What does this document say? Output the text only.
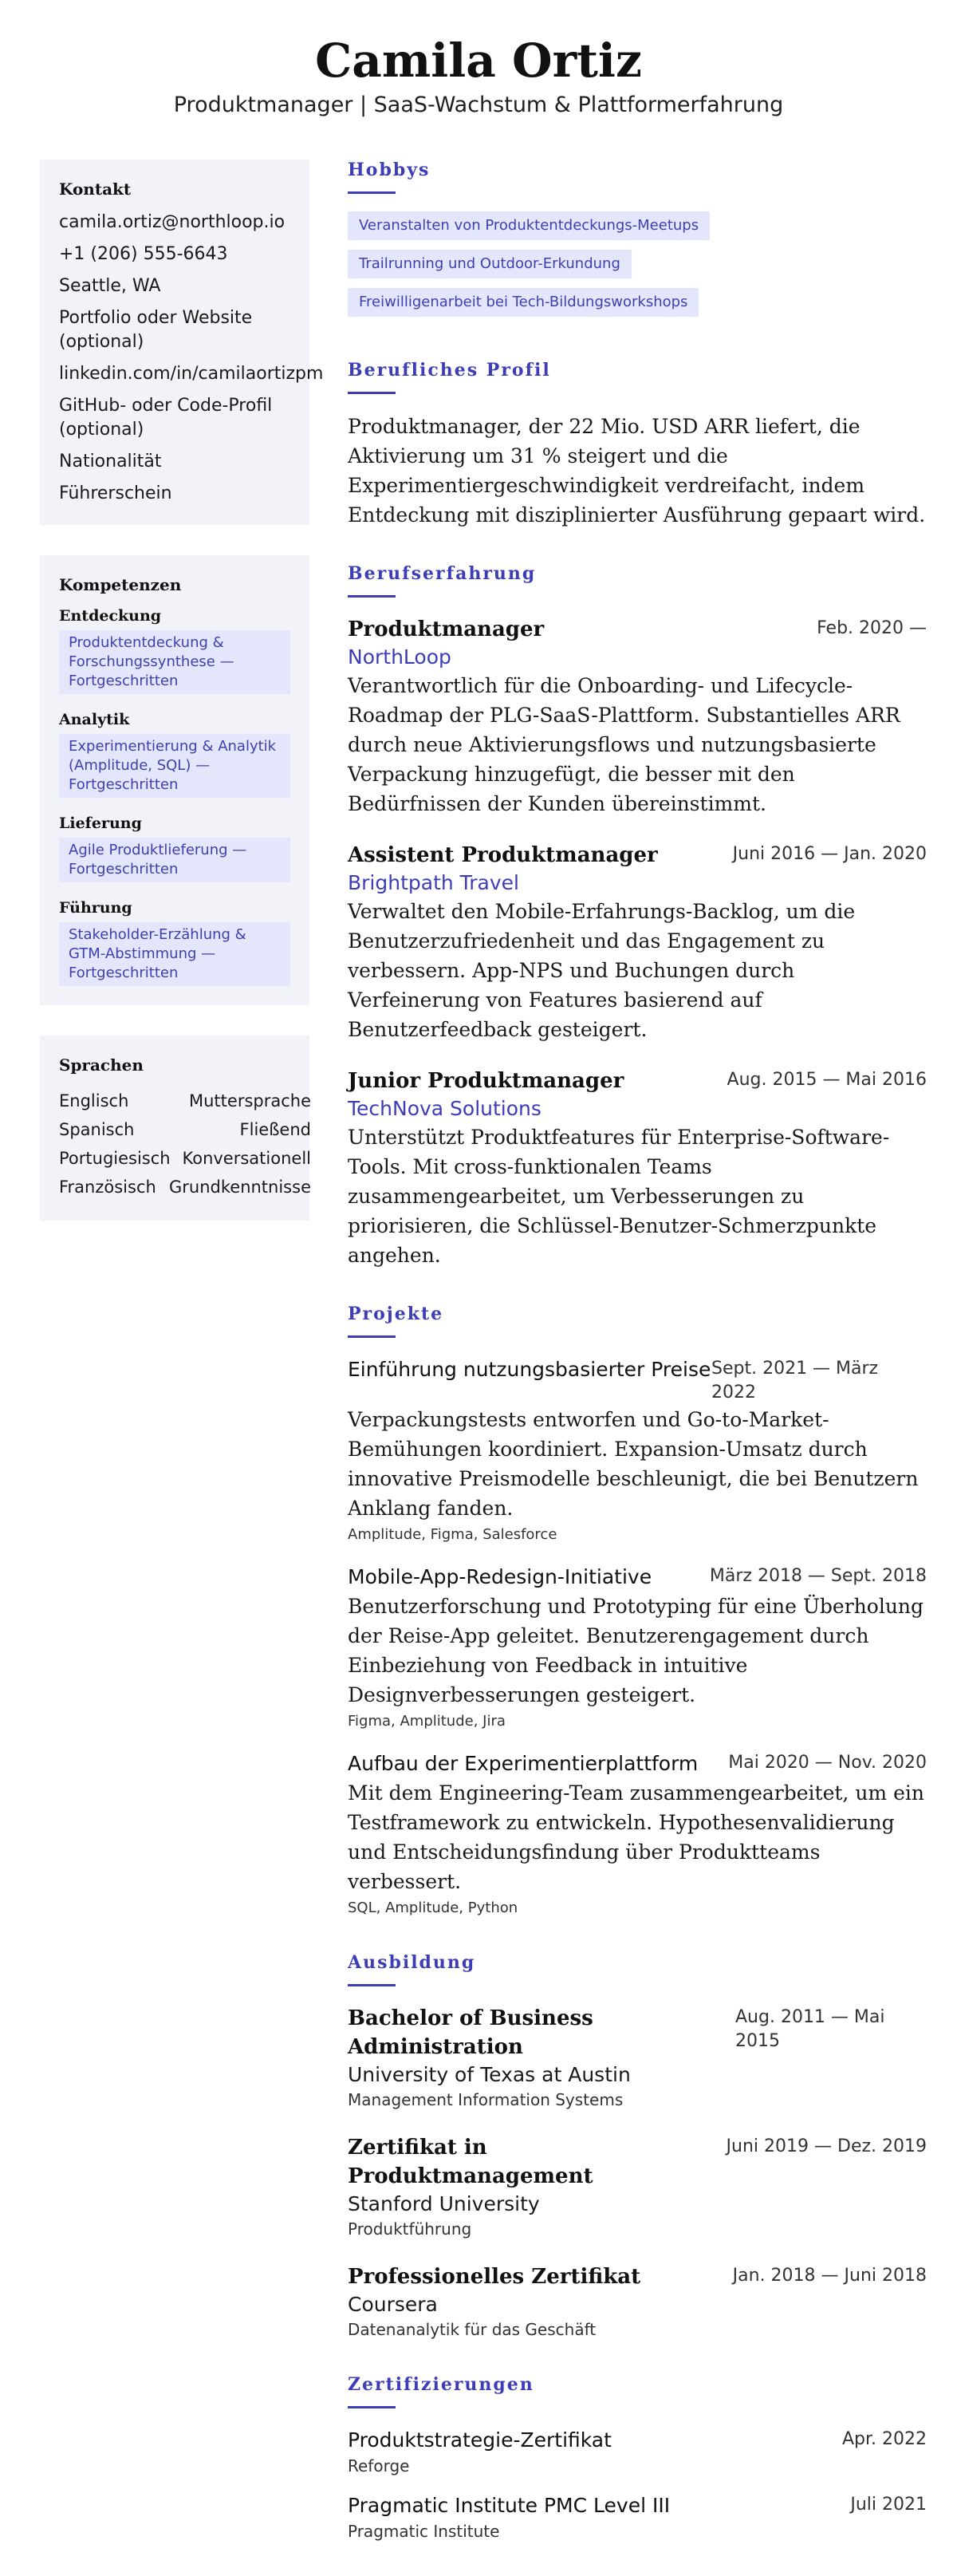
Camila Ortiz
Produktmanager | SaaS-Wachstum & Plattformerfahrung
Kontakt
camila.ortiz@northloop.io
+1 (206) 555-6643
Seattle, WA
Portfolio oder Website (optional)
linkedin.com/in/camilaortizpm
GitHub- oder Code-Profil (optional)
Nationalität
Führerschein
Kompetenzen
Entdeckung
Produktentdeckung & Forschungssynthese — Fortgeschritten
Analytik
Experimentierung & Analytik (Amplitude, SQL) — Fortgeschritten
Lieferung
Agile Produktlieferung — Fortgeschritten
Führung
Stakeholder-Erzählung & GTM-Abstimmung — Fortgeschritten
Sprachen
Englisch	Muttersprache
Spanisch	Fließend
Portugiesisch Konversationell
Französisch Grundkenntnisse
Hobbys
Veranstalten von Produktentdeckungs-Meetups
Trailrunning und Outdoor-Erkundung
Freiwilligenarbeit bei Tech-Bildungsworkshops
Berufliches Profil

Produktmanager, der 22 Mio. USD ARR liefert, die Aktivierung um 31 % steigert und die Experimentiergeschwindigkeit verdreifacht, indem Entdeckung mit disziplinierter Ausführung gepaart wird.

Berufserfahrung
Produktmanager	Feb. 2020 —
NorthLoop

Verantwortlich für die Onboarding- und Lifecycle-Roadmap der PLG-SaaS-Plattform. Substantielles ARR durch neue Aktivierungsflows und nutzungsbasierte Verpackung hinzugefügt, die besser mit den Bedürfnissen der Kunden übereinstimmt.

Assistent Produktmanager	Juni 2016 — Jan. 2020
Brightpath Travel

Verwaltet den Mobile-Erfahrungs-Backlog, um die Benutzerzufriedenheit und das Engagement zu verbessern. App-NPS und Buchungen durch Verfeinerung von Features basierend auf Benutzerfeedback gesteigert.

Junior Produktmanager	Aug. 2015 — Mai 2016
TechNova Solutions

Unterstützt Produktfeatures für Enterprise-Software-Tools. Mit cross-funktionalen Teams zusammengearbeitet, um Verbesserungen zu priorisieren, die Schlüssel-Benutzer-Schmerzpunkte angehen.

Projekte
Einführung nutzungsbasierter Preise Sept. 2021 — März 2022

Verpackungstests entworfen und Go-to-Market-Bemühungen koordiniert. Expansion-Umsatz durch innovative Preismodelle beschleunigt, die bei Benutzern Anklang fanden.

Amplitude, Figma, Salesforce
Mobile-App-Redesign-Initiative	März 2018 — Sept. 2018

Benutzerforschung und Prototyping für eine Überholung der Reise-App geleitet. Benutzerengagement durch Einbeziehung von Feedback in intuitive Designverbesserungen gesteigert.

Figma, Amplitude, Jira
Aufbau der Experimentierplattform Mai 2020 — Nov. 2020

Mit dem Engineering-Team zusammengearbeitet, um ein Testframework zu entwickeln. Hypothesenvalidierung und Entscheidungsfindung über Produktteams verbessert.

SQL, Amplitude, Python
Ausbildung
Bachelor of Business Administration
Aug. 2011 — Mai 2015
University of Texas at Austin
Management Information Systems
Zertifikat in Produktmanagement
Juni 2019 — Dez. 2019
Stanford University
Produktführung
Professionelles Zertifikat	Jan. 2018 — Juni 2018
Coursera
Datenanalytik für das Geschäft
Zertifizierungen
Produktstrategie-Zertifikat	Apr. 2022
Reforge
Pragmatic Institute PMC Level III	Juli 2021
Pragmatic Institute
